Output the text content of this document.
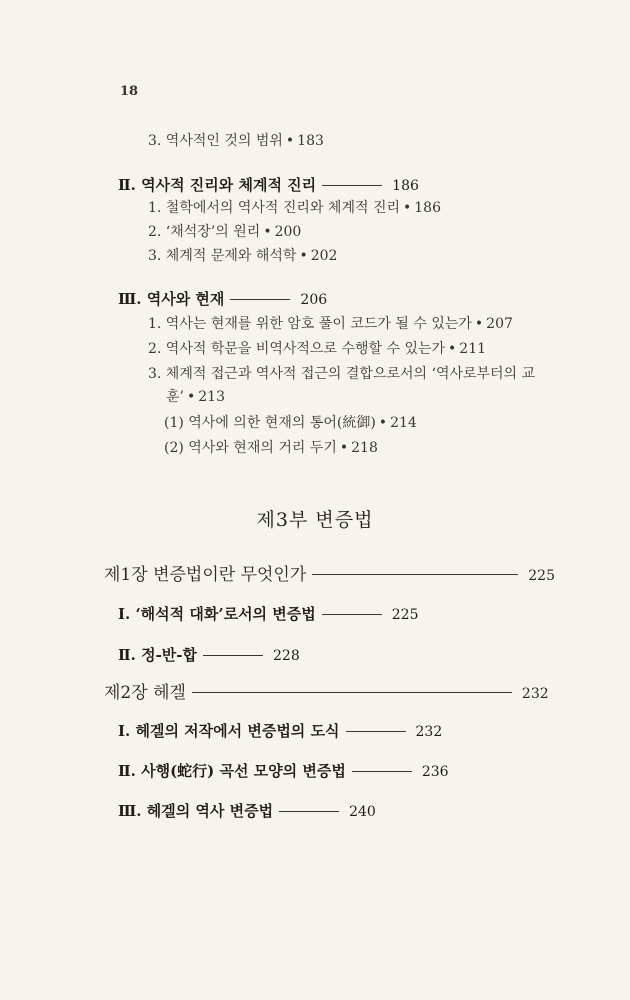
18
3. 역사적인 것의 범위 • 183
Ⅱ. 역사적 진리와 체계적 진리	186
1. 철학에서의 역사적 진리와 체계적 진리 • 186
2. ‘채석장’의 원리 • 200
3. 체계적 문제와 해석학 • 202
Ⅲ. 역사와 현재	206
1. 역사는 현재를 위한 암호 풀이 코드가 될 수 있는가 • 207
2. 역사적 학문을 비역사적으로 수행할 수 있는가 • 211
3. 체계적 접근과 역사적 접근의 결합으로서의 ‘역사로부터의 교
훈’ • 213
(1) 역사에 의한 현재의 통어(統御) • 214
(2) 역사와 현재의 거리 두기 • 218
제3부 변증법
제1장 변증법이란 무엇인가	225
Ⅰ. ‘해석적 대화’로서의 변증법	225
Ⅱ. 정-반-합	228
제2장 헤겔	232
Ⅰ. 헤겔의 저작에서 변증법의 도식	232
Ⅱ. 사행(蛇行) 곡선 모양의 변증법	236
Ⅲ. 헤겔의 역사 변증법	240
